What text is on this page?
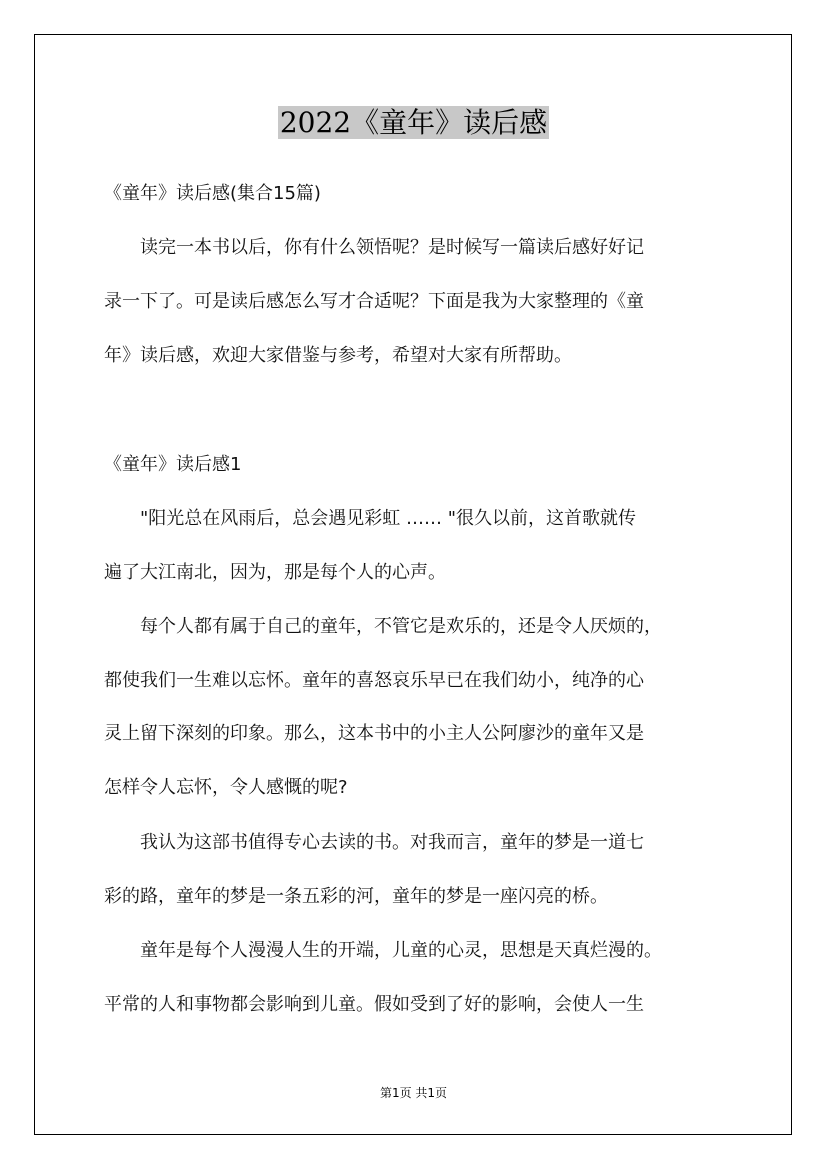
2022《童年》读后感
《童年》读后感(集合15篇)
读完一本书以后，你有什么领悟呢？是时候写一篇读后感好好记
录一下了。可是读后感怎么写才合适呢？下面是我为大家整理的《童
年》读后感，欢迎大家借鉴与参考，希望对大家有所帮助。
《童年》读后感1
"阳光总在风雨后，总会遇见彩虹 …… "很久以前，这首歌就传
遍了大江南北，因为，那是每个人的心声。
每个人都有属于自己的童年，不管它是欢乐的，还是令人厌烦的，
都使我们一生难以忘怀。童年的喜怒哀乐早已在我们幼小，纯净的心
灵上留下深刻的印象。那么，这本书中的小主人公阿廖沙的童年又是
怎样令人忘怀，令人感慨的呢?
我认为这部书值得专心去读的书。对我而言，童年的梦是一道七
彩的路，童年的梦是一条五彩的河，童年的梦是一座闪亮的桥。
童年是每个人漫漫人生的开端，儿童的心灵，思想是天真烂漫的。
平常的人和事物都会影响到儿童。假如受到了好的影响，会使人一生
第1页 共1页
